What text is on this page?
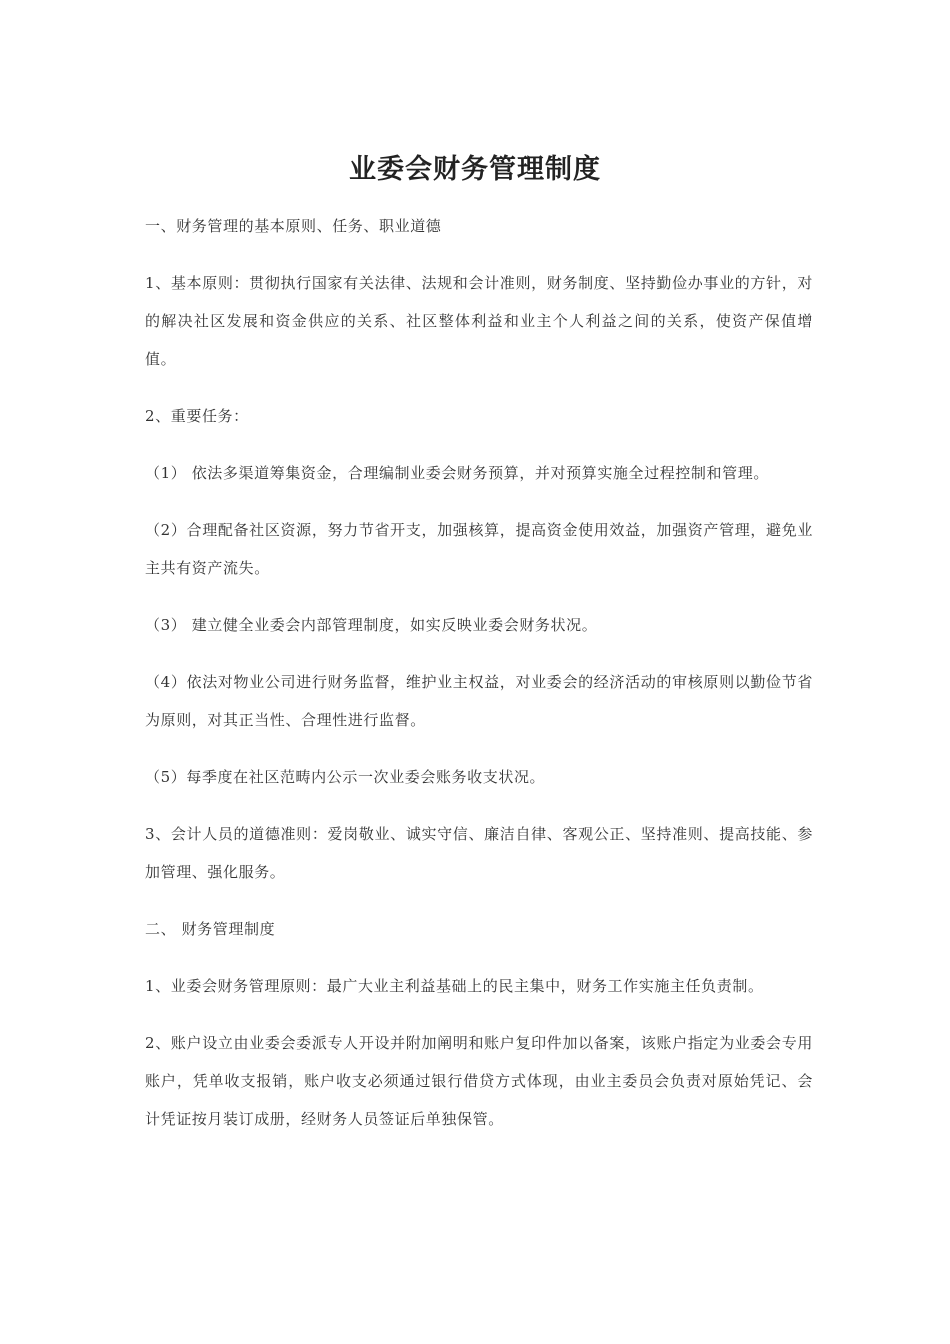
业委会财务管理制度

一、财务管理的基本原则、任务、职业道德

1、基本原则：贯彻执行国家有关法律、法规和会计准则，财务制度、坚持勤俭办事业的方针，对的解决社区发展和资金供应的关系、社区整体利益和业主个人利益之间的关系，使资产保值增值。

2、重要任务：

（1） 依法多渠道筹集资金，合理编制业委会财务预算，并对预算实施全过程控制和管理。

（2）合理配备社区资源，努力节省开支，加强核算，提高资金使用效益，加强资产管理，避免业主共有资产流失。

（3） 建立健全业委会内部管理制度，如实反映业委会财务状况。

（4）依法对物业公司进行财务监督，维护业主权益，对业委会的经济活动的审核原则以勤俭节省为原则，对其正当性、合理性进行监督。

（5）每季度在社区范畴内公示一次业委会账务收支状况。

3、会计人员的道德准则：爱岗敬业、诚实守信、廉洁自律、客观公正、坚持准则、提高技能、参加管理、强化服务。

二、 财务管理制度

1、业委会财务管理原则：最广大业主利益基础上的民主集中，财务工作实施主任负责制。

2、账户设立由业委会委派专人开设并附加阐明和账户复印件加以备案，该账户指定为业委会专用账户，凭单收支报销，账户收支必须通过银行借贷方式体现，由业主委员会负责对原始凭记、会计凭证按月装订成册，经财务人员签证后单独保管。
